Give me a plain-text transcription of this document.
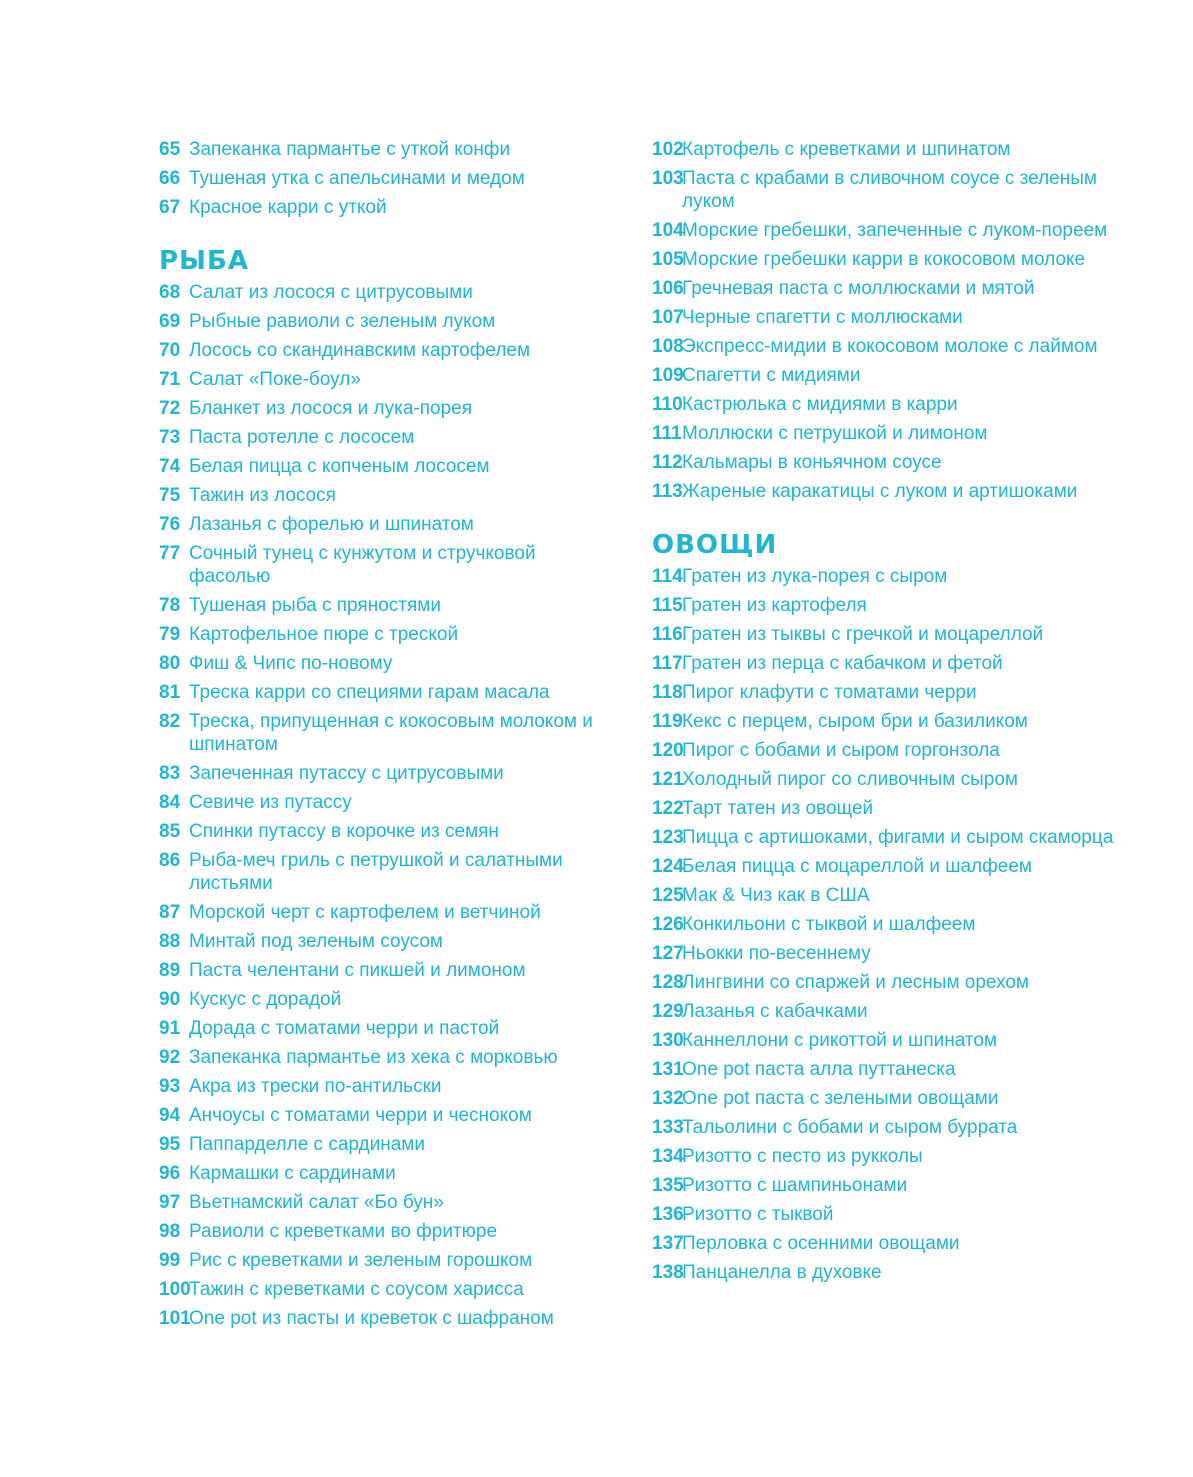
65 Запеканка пармантье с уткой конфи
66 Тушеная утка с апельсинами и медом
67 Красное карри с уткой
РЫБА
68 Салат из лосося с цитрусовыми
69 Рыбные равиоли с зеленым луком
70 Лосось со скандинавским картофелем
71 Салат «Поке-боул»
72 Бланкет из лосося и лука-порея
73 Паста ротелле с лососем
74 Белая пицца с копченым лососем
75 Тажин из лосося
76 Лазанья с форелью и шпинатом
77 Сочный тунец с кунжутом и стручковой фасолью
78 Тушеная рыба с пряностями
79 Картофельное пюре с треской
80 Фиш & Чипс по-новому
81 Треска карри со специями гарам масала
82 Треска, припущенная с кокосовым молоком и шпинатом
83 Запеченная путассу с цитрусовыми
84 Севиче из путассу
85 Спинки путассу в корочке из семян
86 Рыба-меч гриль с петрушкой и салатными листьями
87 Морской черт с картофелем и ветчиной
88 Минтай под зеленым соусом
89 Паста челентани с пикшей и лимоном
90 Кускус с дорадой
91 Дорада с томатами черри и пастой
92 Запеканка пармантье из хека с морковью
93 Акра из трески по-антильски
94 Анчоусы с томатами черри и чесноком
95 Паппарделле с сардинами
96 Кармашки с сардинами
97 Вьетнамский салат «Бо бун»
98 Равиоли с креветками во фритюре
99 Рис с креветками и зеленым горошком
100
Тажин с креветками с соусом харисса
101
One pot из пасты и креветок с шафраном
102
Картофель с креветками и шпинатом
103
Паста с крабами в сливочном соусе с зеленым луком
104
Морские гребешки, запеченные с луком-пореем
105
Морские гребешки карри в кокосовом молоке
106
Гречневая паста с моллюсками и мятой
107
Черные спагетти с моллюсками
108
Экспресс-мидии в кокосовом молоке с лаймом
109
Спагетти с мидиями
110 Кастрюлька с мидиями в карри
111 Моллюски с петрушкой и лимоном
112 Кальмары в коньячном соусе
113 Жареные каракатицы с луком и артишоками
ОВОЩИ
114 Гратен из лука-порея с сыром
115 Гратен из картофеля
116 Гратен из тыквы с гречкой и моцареллой
117 Гратен из перца с кабачком и фетой
118 Пирог клафути с томатами черри
119 Кекс с перцем, сыром бри и базиликом
120
Пирог с бобами и сыром горгонзола
121
Холодный пирог со сливочным сыром
122
Тарт татен из овощей
123
Пицца с артишоками, фигами и сыром скаморца
124
Белая пицца с моцареллой и шалфеем
125
Мак & Чиз как в США
126
Конкильони с тыквой и шалфеем
127
Ньокки по-весеннему
128
Лингвини со спаржей и лесным орехом
129
Лазанья с кабачками
130
Каннеллони с рикоттой и шпинатом
131
One pot паста алла путтанеска
132
One pot паста с зелеными овощами
133
Тальолини с бобами и сыром буррата
134
Ризотто с песто из рукколы
135
Ризотто с шампиньонами
136
Ризотто с тыквой
137
Перловка с осенними овощами
138
Панцанелла в духовке
